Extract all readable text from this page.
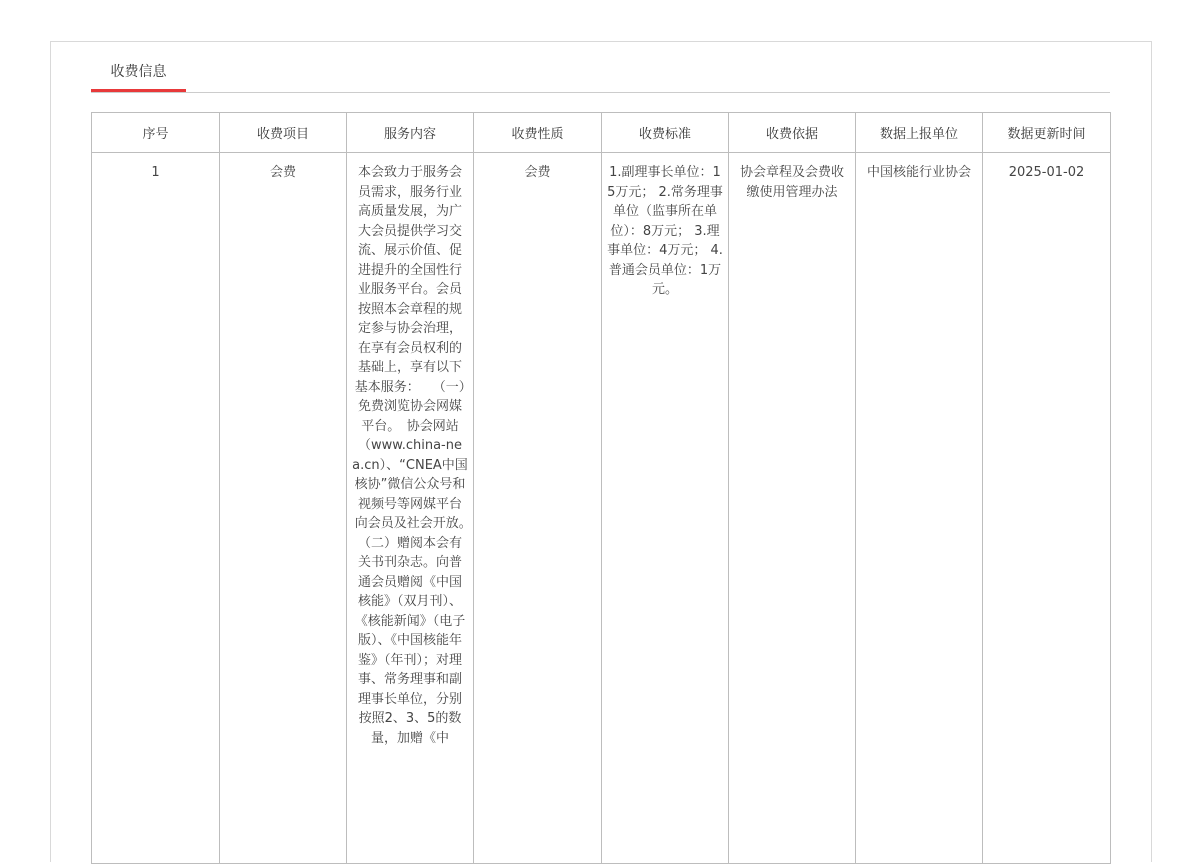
收费信息
序号	收费项目	服务内容	收费性质	收费标准	收费依据	数据上报单位	数据更新时间
1	会费	本会致力于服务会员需求，服务行业高质量发展，为广大会员提供学习交流、展示价值、促进提升的全国性行业服务平台。会员按照本会章程的规定参与协会治理，在享有会员权利的基础上，享有以下基本服务：　　（一）免费浏览协会网媒平台。　协会网站（www.china-nea.cn）、“CNEA中国核协”微信公众号和视频号等网媒平台向会员及社会开放。　　　（二）赠阅本会有关书刊杂志。向普通会员赠阅《中国核能》（双月刊）、《核能新闻》（电子版）、《中国核能年鉴》（年刊）；对理事、常务理事和副理事长单位，分别按照2、3、5的数量，加赠《中	会费	1.副理事长单位：15万元； 2.常务理事单位（监事所在单位）：8万元； 3.理事单位：4万元； 4.普通会员单位：1万元。	协会章程及会费收缴使用管理办法	中国核能行业协会	2025-01-02
